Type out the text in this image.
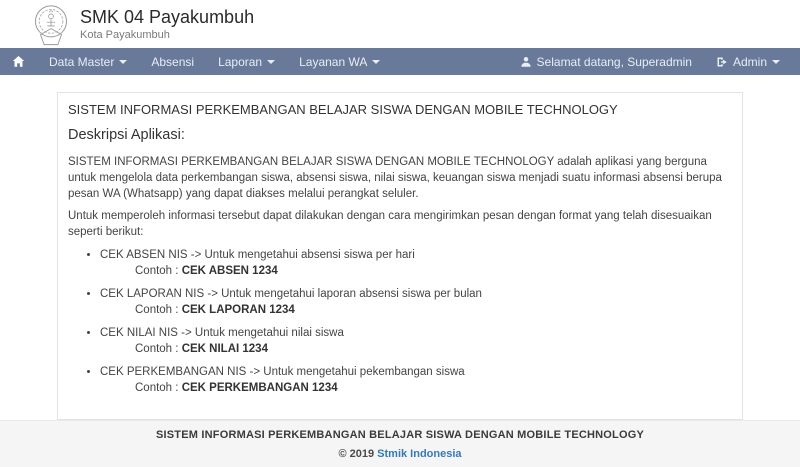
SMK 04 Payakumbuh
Kota Payakumbuh
Data Master	Absensi Laporan	Layanan WA	Selamat datang, Superadmin	Admin
SISTEM INFORMASI PERKEMBANGAN BELAJAR SISWA DENGAN MOBILE TECHNOLOGY
Deskripsi Aplikasi:

SISTEM INFORMASI PERKEMBANGAN BELAJAR SISWA DENGAN MOBILE TECHNOLOGY adalah aplikasi yang berguna untuk mengelola data perkembangan siswa, absensi siswa, nilai siswa, keuangan siswa menjadi suatu informasi absensi berupa pesan WA (Whatsapp) yang dapat diakses melalui perangkat seluler.

Untuk memperoleh informasi tersebut dapat dilakukan dengan cara mengirimkan pesan dengan format yang telah disesuaikan seperti berikut:

• CEK ABSEN NIS -> Untuk mengetahui absensi siswa per hari
Contoh : CEK ABSEN 1234
• CEK LAPORAN NIS -> Untuk mengetahui laporan absensi siswa per bulan
Contoh : CEK LAPORAN 1234
• CEK NILAI NIS -> Untuk mengetahui nilai siswa
Contoh : CEK NILAI 1234
• CEK PERKEMBANGAN NIS -> Untuk mengetahui pekembangan siswa
Contoh : CEK PERKEMBANGAN 1234
SISTEM INFORMASI PERKEMBANGAN BELAJAR SISWA DENGAN MOBILE TECHNOLOGY
© 2019 Stmik Indonesia
